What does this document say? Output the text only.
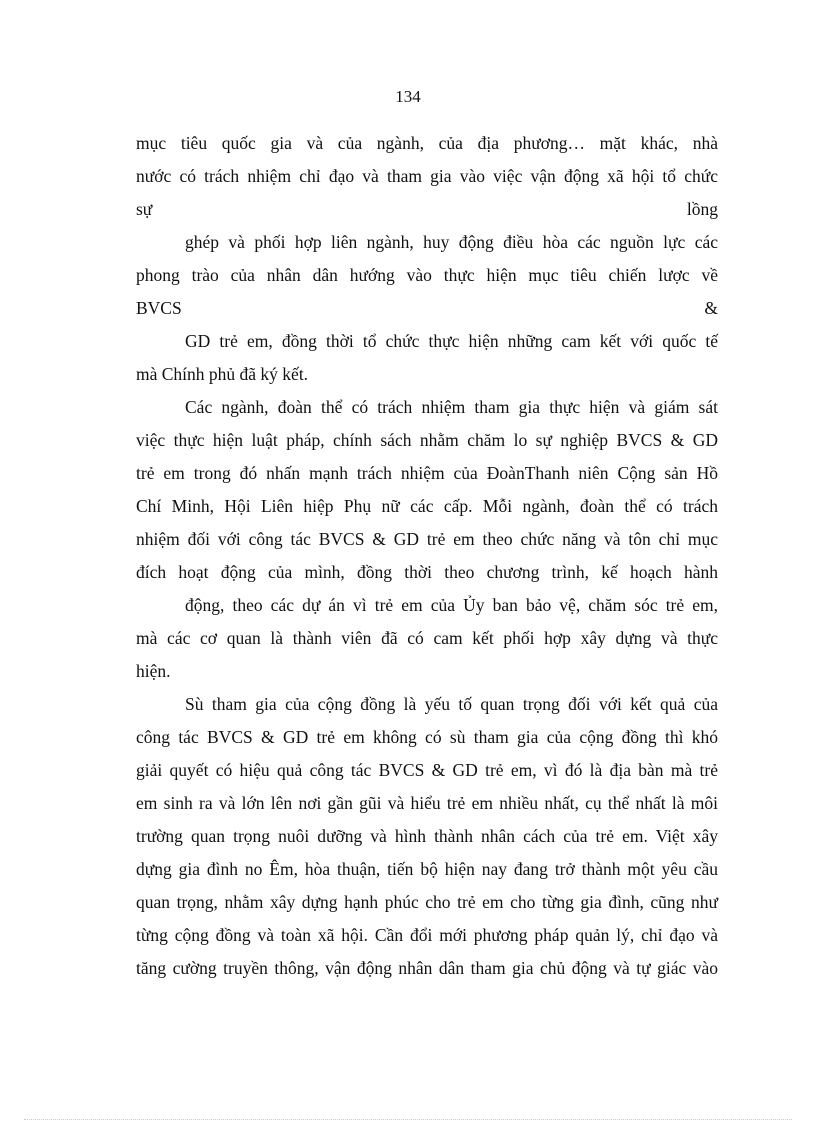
134
mục tiêu quốc gia và của ngành, của địa phương… mặt khác, nhà
nước có trách nhiệm chỉ đạo và tham gia vào việc vận động xã hội tổ chức
sự	lồng
ghép và phối hợp liên ngành, huy động điều hòa các nguồn lực các
phong trào của nhân dân hướng vào thực hiện mục tiêu chiến lược về
BVCS	&
GD trẻ em, đồng thời tổ chức thực hiện những cam kết với quốc tế
mà Chính phủ đã ký kết.
Các ngành, đoàn thể có trách nhiệm tham gia thực hiện và giám sát
việc thực hiện luật pháp, chính sách nhằm chăm lo sự nghiệp BVCS & GD
trẻ em trong đó nhấn mạnh trách nhiệm của ĐoànThanh niên Cộng sản Hồ
Chí Minh, Hội Liên hiệp Phụ nữ các cấp. Mỗi ngành, đoàn thể có trách
nhiệm đối với công tác BVCS & GD trẻ em theo chức năng và tôn chỉ mục
đích hoạt động của mình, đồng thời theo chương trình, kế hoạch hành
động, theo các dự án vì trẻ em của Ủy ban bảo vệ, chăm sóc trẻ em,
mà các cơ quan là thành viên đã có cam kết phối hợp xây dựng và thực
hiện.
Sù tham gia của cộng đồng là yếu tố quan trọng đối với kết quả của
công tác BVCS & GD trẻ em không có sù tham gia của cộng đồng thì khó
giải quyết có hiệu quả công tác BVCS & GD trẻ em, vì đó là địa bàn mà trẻ
em sinh ra và lớn lên nơi gần gũi và hiểu trẻ em nhiều nhất, cụ thể nhất là môi
trường quan trọng nuôi dưỡng và hình thành nhân cách của trẻ em. Việt xây
dựng gia đình no Êm, hòa thuận, tiến bộ hiện nay đang trở thành một yêu cầu
quan trọng, nhằm xây dựng hạnh phúc cho trẻ em cho từng gia đình, cũng như
từng cộng đồng và toàn xã hội. Cần đổi mới phương pháp quản lý, chỉ đạo và
tăng cường truyền thông, vận động nhân dân tham gia chủ động và tự giác vào
